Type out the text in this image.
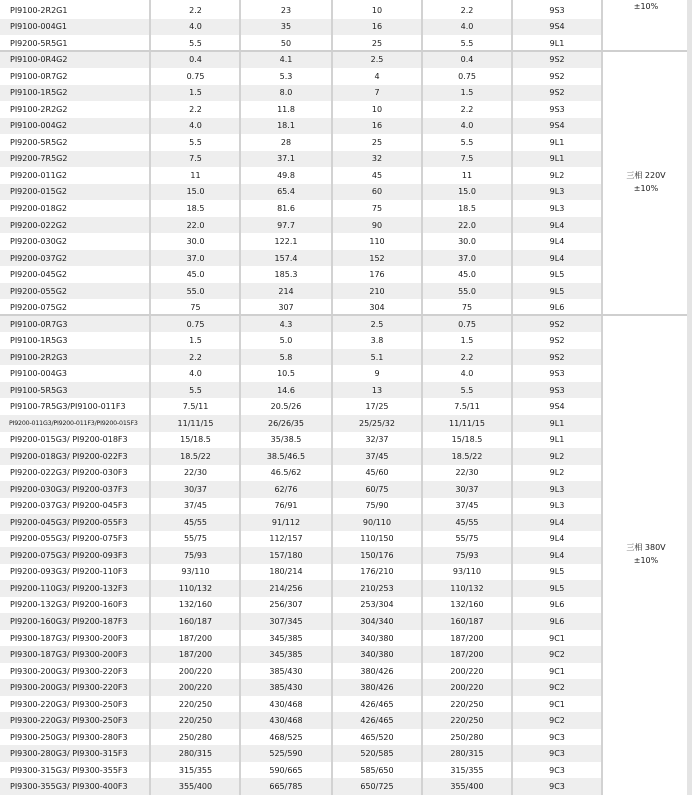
PI9100-2R2G1	2.2	23	10	2.2	9S3
PI9100-004G1	4.0	35	16	4.0	9S4
PI9200-5R5G1	5.5	50	25	5.5	9L1
PI9100-0R4G2	0.4	4.1	2.5	0.4	9S2
PI9100-0R7G2	0.75	5.3	4	0.75	9S2
PI9100-1R5G2	1.5	8.0	7	1.5	9S2
PI9100-2R2G2	2.2	11.8	10	2.2	9S3
PI9100-004G2	4.0	18.1	16	4.0	9S4
PI9200-5R5G2	5.5	28	25	5.5	9L1
PI9200-7R5G2	7.5	37.1	32	7.5	9L1
PI9200-011G2	11	49.8	45	11	9L2
PI9200-015G2	15.0	65.4	60	15.0	9L3
PI9200-018G2	18.5	81.6	75	18.5	9L3
PI9200-022G2	22.0	97.7	90	22.0	9L4
PI9200-030G2	30.0	122.1	110	30.0	9L4
PI9200-037G2	37.0	157.4	152	37.0	9L4
PI9200-045G2	45.0	185.3	176	45.0	9L5
PI9200-055G2	55.0	214	210	55.0	9L5
PI9200-075G2	75	307	304	75	9L6
PI9100-0R7G3	0.75	4.3	2.5	0.75	9S2
PI9100-1R5G3	1.5	5.0	3.8	1.5	9S2
PI9100-2R2G3	2.2	5.8	5.1	2.2	9S2
PI9100-004G3	4.0	10.5	9	4.0	9S3
PI9100-5R5G3	5.5	14.6	13	5.5	9S3
PI9100-7R5G3/PI9100-011F3	7.5/11	20.5/26	17/25	7.5/11	9S4
PI9200-011G3/PI9200-011F3/PI9200-015F3	11/11/15	26/26/35	25/25/32	11/11/15	9L1
PI9200-015G3/ PI9200-018F3	15/18.5	35/38.5	32/37	15/18.5	9L1
PI9200-018G3/ PI9200-022F3	18.5/22	38.5/46.5	37/45	18.5/22	9L2
PI9200-022G3/ PI9200-030F3	22/30	46.5/62	45/60	22/30	9L2
PI9200-030G3/ PI9200-037F3	30/37	62/76	60/75	30/37	9L3
PI9200-037G3/ PI9200-045F3	37/45	76/91	75/90	37/45	9L3
PI9200-045G3/ PI9200-055F3	45/55	91/112	90/110	45/55	9L4
PI9200-055G3/ PI9200-075F3	55/75	112/157	110/150	55/75	9L4
PI9200-075G3/ PI9200-093F3	75/93	157/180	150/176	75/93	9L4
PI9200-093G3/ PI9200-110F3	93/110	180/214	176/210	93/110	9L5
PI9200-110G3/ PI9200-132F3	110/132	214/256	210/253	110/132	9L5
PI9200-132G3/ PI9200-160F3	132/160	256/307	253/304	132/160	9L6
PI9200-160G3/ PI9200-187F3	160/187	307/345	304/340	160/187	9L6
PI9300-187G3/ PI9300-200F3	187/200	345/385	340/380	187/200	9C1
PI9300-187G3/ PI9300-200F3	187/200	345/385	340/380	187/200	9C2
PI9300-200G3/ PI9300-220F3	200/220	385/430	380/426	200/220	9C1
PI9300-200G3/ PI9300-220F3	200/220	385/430	380/426	200/220	9C2
PI9300-220G3/ PI9300-250F3	220/250	430/468	426/465	220/250	9C1
PI9300-220G3/ PI9300-250F3	220/250	430/468	426/465	220/250	9C2
PI9300-250G3/ PI9300-280F3	250/280	468/525	465/520	250/280	9C3
PI9300-280G3/ PI9300-315F3	280/315	525/590	520/585	280/315	9C3
PI9300-315G3/ PI9300-355F3	315/355	590/665	585/650	315/355	9C3
PI9300-355G3/ PI9300-400F3	355/400	665/785	650/725	355/400	9C3
±10%
三相 220V
±10%
三相 380V
±10%
